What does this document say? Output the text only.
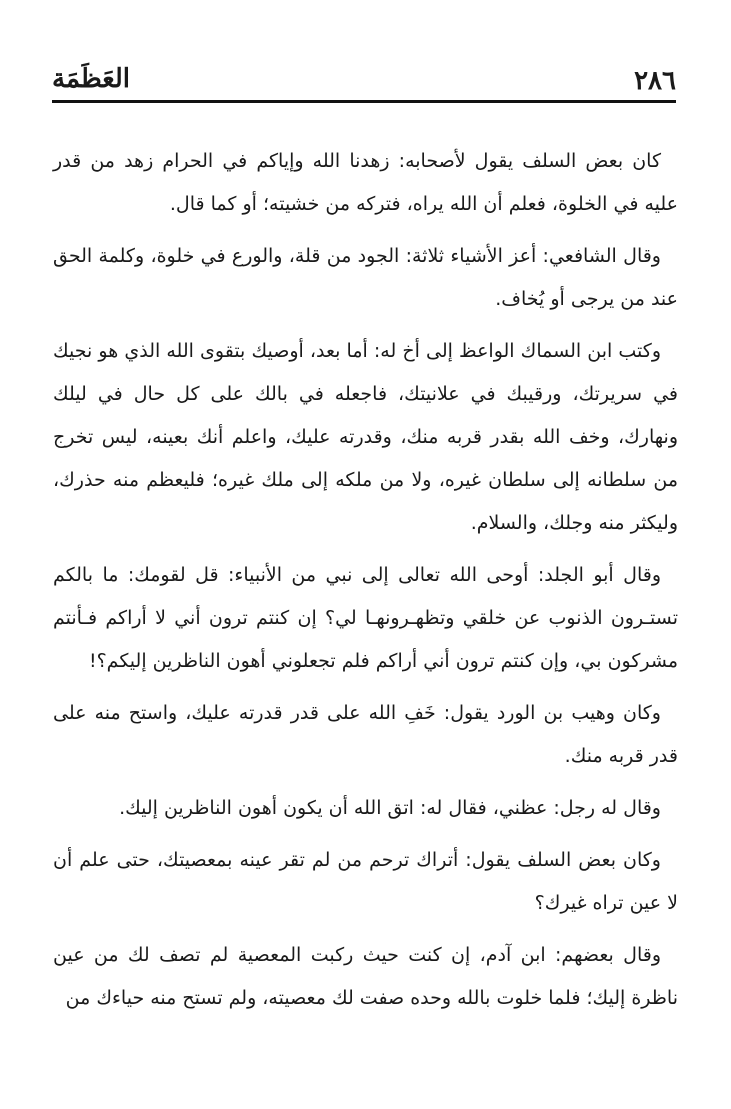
٢٨٦
العَظَمَة

كان بعض السلف يقول لأصحابه: زهدنا الله وإياكم في الحرام زهد من قدر عليه في الخلوة، فعلم أن الله يراه، فتركه من خشيته؛ أو كما قال.

وقال الشافعي: أعز الأشياء ثلاثة: الجود من قلة، والورع في خلوة، وكلمة الحق عند من يرجى أو يُخاف.

وكتب ابن السماك الواعظ إلى أخ له: أما بعد، أوصيك بتقوى الله الذي هو نجيك في سريرتك، ورقيبك في علانيتك، فاجعله في بالك على كل حال في ليلك ونهارك، وخف الله بقدر قربه منك، وقدرته عليك، واعلم أنك بعينه، ليس تخرج من سلطانه إلى سلطان غيره، ولا من ملكه إلى ملك غيره؛ فليعظم منه حذرك، وليكثر منه وجلك، والسلام.

وقال أبو الجلد: أوحى الله تعالى إلى نبي من الأنبياء: قل لقومك: ما بالكم تستـرون الذنوب عن خلقي وتظهـرونهـا لي؟ إن كنتم ترون أني لا أراكم فـأنتم مشركون بي، وإن كنتم ترون أني أراكم فلم تجعلوني أهون الناظرين إليكم؟!

وكان وهيب بن الورد يقول: خَفِ الله على قدر قدرته عليك، واستح منه على قدر قربه منك.

وقال له رجل: عظني، فقال له: اتق الله أن يكون أهون الناظرين إليك.

وكان بعض السلف يقول: أتراك ترحم من لم تقر عينه بمعصيتك، حتى علم أن لا عين تراه غيرك؟

وقال بعضهم: ابن آدم، إن كنت حيث ركبت المعصية لم تصف لك من عين ناظرة إليك؛ فلما خلوت بالله وحده صفت لك معصيته، ولم تستح منه حياءك من
